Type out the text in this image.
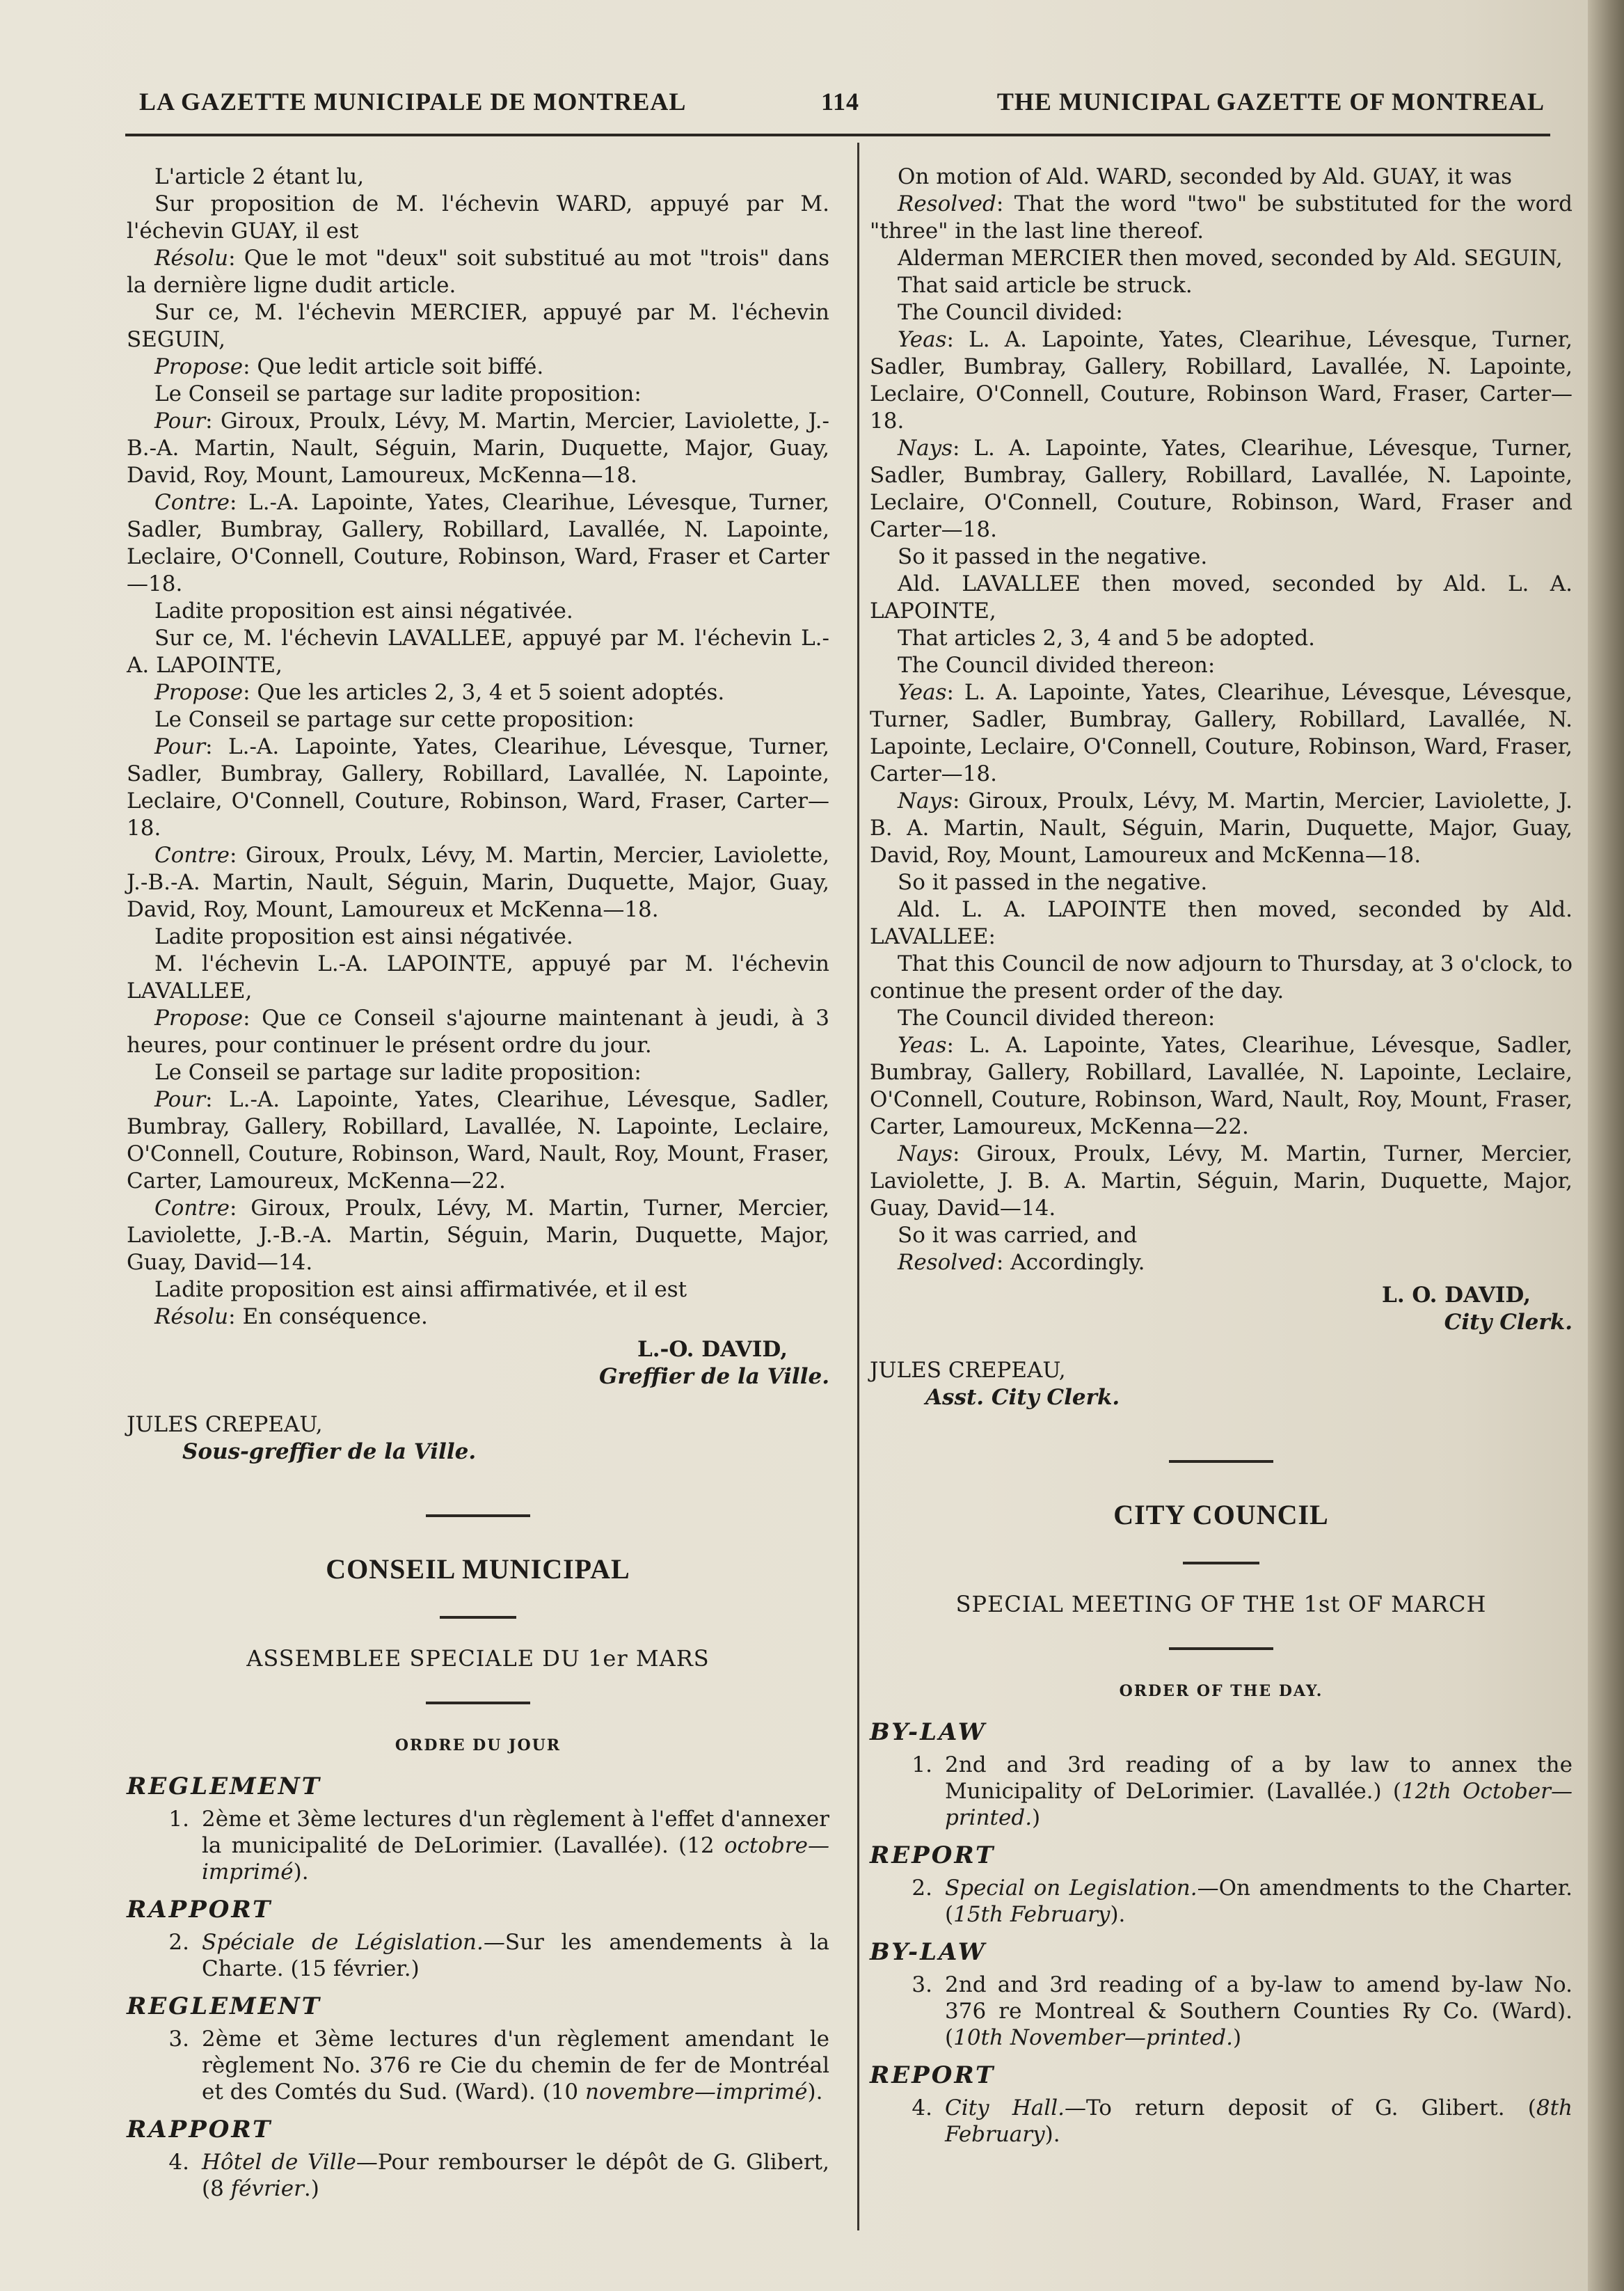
LA GAZETTE MUNICIPALE DE MONTREAL	114	THE MUNICIPAL GAZETTE OF MONTREAL

L'article 2 étant lu,

Sur proposition de M. l'échevin WARD, appuyé par M. l'échevin GUAY, il est

Résolu: Que le mot "deux" soit substitué au mot "trois" dans la dernière ligne dudit article.

Sur ce, M. l'échevin MERCIER, appuyé par M. l'échevin SEGUIN,

Propose: Que ledit article soit biffé.

Le Conseil se partage sur ladite proposition:

Pour: Giroux, Proulx, Lévy, M. Martin, Mercier, Laviolette, J.-B.-A. Martin, Nault, Séguin, Marin, Duquette, Major, Guay, David, Roy, Mount, Lamoureux, McKenna—18.

Contre: L.-A. Lapointe, Yates, Clearihue, Lévesque, Turner, Sadler, Bumbray, Gallery, Robillard, Lavallée, N. Lapointe, Leclaire, O'Connell, Couture, Robinson, Ward, Fraser et Carter—18.

Ladite proposition est ainsi négativée.

Sur ce, M. l'échevin LAVALLEE, appuyé par M. l'échevin L.-A. LAPOINTE,

Propose: Que les articles 2, 3, 4 et 5 soient adoptés.

Le Conseil se partage sur cette proposition:

Pour: L.-A. Lapointe, Yates, Clearihue, Lévesque, Turner, Sadler, Bumbray, Gallery, Robillard, Lavallée, N. Lapointe, Leclaire, O'Connell, Couture, Robinson, Ward, Fraser, Carter—18.

Contre: Giroux, Proulx, Lévy, M. Martin, Mercier, Laviolette, J.-B.-A. Martin, Nault, Séguin, Marin, Duquette, Major, Guay, David, Roy, Mount, Lamoureux et McKenna—18.

Ladite proposition est ainsi négativée.

M. l'échevin L.-A. LAPOINTE, appuyé par M. l'échevin LAVALLEE,

Propose: Que ce Conseil s'ajourne maintenant à jeudi, à 3 heures, pour continuer le présent ordre du jour.

Le Conseil se partage sur ladite proposition:

Pour: L.-A. Lapointe, Yates, Clearihue, Lévesque, Sadler, Bumbray, Gallery, Robillard, Lavallée, N. Lapointe, Leclaire, O'Connell, Couture, Robinson, Ward, Nault, Roy, Mount, Fraser, Carter, Lamoureux, McKenna—22.

Contre: Giroux, Proulx, Lévy, M. Martin, Turner, Mercier, Laviolette, J.-B.-A. Martin, Séguin, Marin, Duquette, Major, Guay, David—14.

Ladite proposition est ainsi affirmativée, et il est

Résolu: En conséquence.

L.-O. DAVID,
Greffier de la Ville.
JULES CREPEAU,
Sous-greffier de la Ville.
CONSEIL MUNICIPAL
ASSEMBLEE SPECIALE DU 1er MARS
ORDRE DU JOUR
REGLEMENT
1. 2ème et 3ème lectures d'un règlement à l'effet d'annexer la municipalité de DeLorimier. (Lavallée). (12 octobre—imprimé).
RAPPORT
2. Spéciale de Législation.—Sur les amendements à la Charte. (15 février.)
REGLEMENT
3. 2ème et 3ème lectures d'un règlement amendant le règlement No. 376 re Cie du chemin de fer de Montréal et des Comtés du Sud. (Ward). (10 novembre—imprimé).
RAPPORT
4. Hôtel de Ville—Pour rembourser le dépôt de G. Glibert, (8 février.)

On motion of Ald. WARD, seconded by Ald. GUAY, it was

Resolved: That the word "two" be substituted for the word "three" in the last line thereof.

Alderman MERCIER then moved, seconded by Ald. SEGUIN,

That said article be struck.

The Council divided:

Yeas: L. A. Lapointe, Yates, Clearihue, Lévesque, Turner, Sadler, Bumbray, Gallery, Robillard, Lavallée, N. Lapointe, Leclaire, O'Connell, Couture, Robinson Ward, Fraser, Carter—18.

Nays: L. A. Lapointe, Yates, Clearihue, Lévesque, Turner, Sadler, Bumbray, Gallery, Robillard, Lavallée, N. Lapointe, Leclaire, O'Connell, Couture, Robinson, Ward, Fraser and Carter—18.

So it passed in the negative.

Ald. LAVALLEE then moved, seconded by Ald. L. A. LAPOINTE,

That articles 2, 3, 4 and 5 be adopted.

The Council divided thereon:

Yeas: L. A. Lapointe, Yates, Clearihue, Lévesque, Lévesque, Turner, Sadler, Bumbray, Gallery, Robillard, Lavallée, N. Lapointe, Leclaire, O'Connell, Couture, Robinson, Ward, Fraser, Carter—18.

Nays: Giroux, Proulx, Lévy, M. Martin, Mercier, Laviolette, J. B. A. Martin, Nault, Séguin, Marin, Duquette, Major, Guay, David, Roy, Mount, Lamoureux and McKenna—18.

So it passed in the negative.

Ald. L. A. LAPOINTE then moved, seconded by Ald. LAVALLEE:

That this Council de now adjourn to Thursday, at 3 o'clock, to continue the present order of the day.

The Council divided thereon:

Yeas: L. A. Lapointe, Yates, Clearihue, Lévesque, Sadler, Bumbray, Gallery, Robillard, Lavallée, N. Lapointe, Leclaire, O'Connell, Couture, Robinson, Ward, Nault, Roy, Mount, Fraser, Carter, Lamoureux, McKenna—22.

Nays: Giroux, Proulx, Lévy, M. Martin, Turner, Mercier, Laviolette, J. B. A. Martin, Séguin, Marin, Duquette, Major, Guay, David—14.

So it was carried, and

Resolved: Accordingly.

L. O. DAVID,
City Clerk.
JULES CREPEAU,
Asst. City Clerk.
CITY COUNCIL
SPECIAL MEETING OF THE 1st OF MARCH
ORDER OF THE DAY.
BY-LAW
1. 2nd and 3rd reading of a by law to annex the Municipality of DeLorimier. (Lavallée.) (12th October—printed.)
REPORT
2. Special on Legislation.—On amendments to the Charter. (15th February).
BY-LAW
3. 2nd and 3rd reading of a by-law to amend by-law No. 376 re Montreal & Southern Counties Ry Co. (Ward). (10th November—printed.)
REPORT
4. City Hall.—To return deposit of G. Glibert. (8th February).
